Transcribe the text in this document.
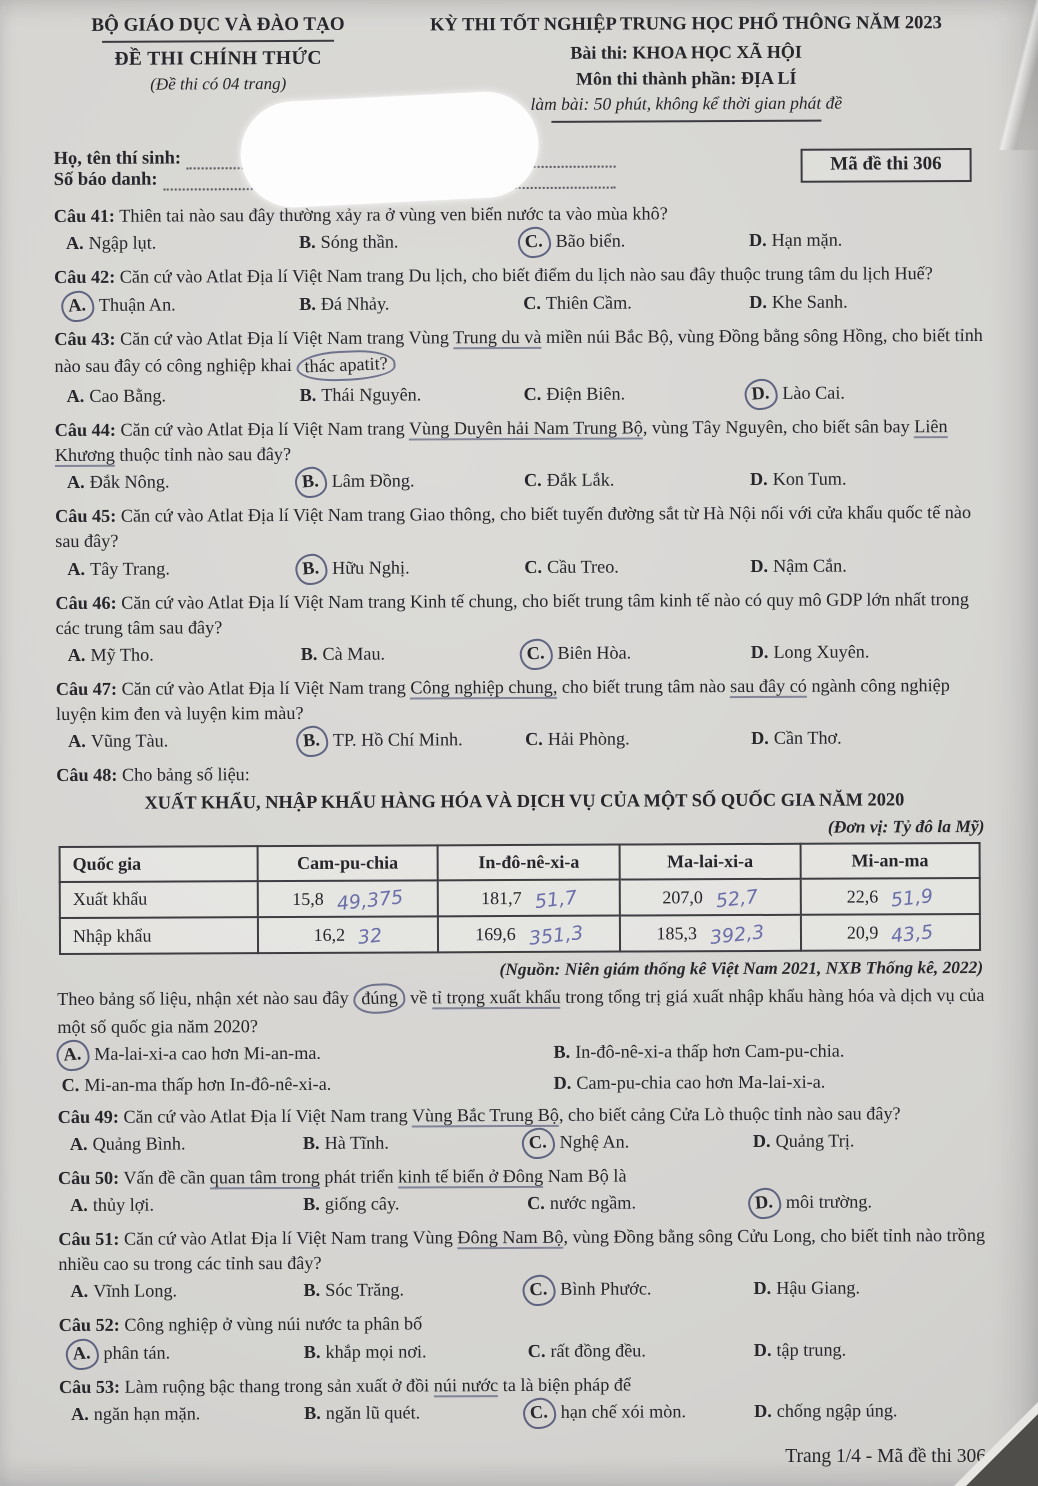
BỘ GIÁO DỤC VÀ ĐÀO TẠO
ĐỀ THI CHÍNH THỨC
(Đề thi có 04 trang)
KỲ THI TỐT NGHIỆP TRUNG HỌC PHỔ THÔNG NĂM 2023
Bài thi: KHOA HỌC XÃ HỘI
Môn thi thành phần: ĐỊA LÍ
làm bài: 50 phút, không kể thời gian phát đề
Mã đề thi 306
Họ, tên thí sinh:
Số báo danh:

Câu 41: Thiên tai nào sau đây thường xảy ra ở vùng ven biển nước ta vào mùa khô?

A. Ngập lụt.	B. Sóng thần.	C. Bão biển.	D. Hạn mặn.

Câu 42: Căn cứ vào Atlat Địa lí Việt Nam trang Du lịch, cho biết điểm du lịch nào sau đây thuộc trung tâm du lịch Huế?

A. Thuận An.	B. Đá Nhảy.	C. Thiên Cầm.	D. Khe Sanh.

Câu 43: Căn cứ vào Atlat Địa lí Việt Nam trang Vùng Trung du và miền núi Bắc Bộ, vùng Đồng bằng sông Hồng, cho biết tỉnh nào sau đây có công nghiệp khai thác apatit?

A. Cao Bằng.	B. Thái Nguyên.	C. Điện Biên.	D. Lào Cai.

Câu 44: Căn cứ vào Atlat Địa lí Việt Nam trang Vùng Duyên hải Nam Trung Bộ, vùng Tây Nguyên, cho biết sân bay Liên Khương thuộc tỉnh nào sau đây?

A. Đắk Nông.	B. Lâm Đồng.	C. Đắk Lắk.	D. Kon Tum.

Câu 45: Căn cứ vào Atlat Địa lí Việt Nam trang Giao thông, cho biết tuyến đường sắt từ Hà Nội nối với cửa khẩu quốc tế nào sau đây?

A. Tây Trang.	B. Hữu Nghị.	C. Cầu Treo.	D. Nậm Cắn.

Câu 46: Căn cứ vào Atlat Địa lí Việt Nam trang Kinh tế chung, cho biết trung tâm kinh tế nào có quy mô GDP lớn nhất trong các trung tâm sau đây?

A. Mỹ Tho.	B. Cà Mau.	C. Biên Hòa.	D. Long Xuyên.

Câu 47: Căn cứ vào Atlat Địa lí Việt Nam trang Công nghiệp chung, cho biết trung tâm nào sau đây có ngành công nghiệp luyện kim đen và luyện kim màu?

A. Vũng Tàu.	B. TP. Hồ Chí Minh.	C. Hải Phòng.	D. Cần Thơ.

Câu 48: Cho bảng số liệu:

XUẤT KHẨU, NHẬP KHẨU HÀNG HÓA VÀ DỊCH VỤ CỦA MỘT SỐ QUỐC GIA NĂM 2020
(Đơn vị: Tỷ đô la Mỹ)
Quốc gia	Cam-pu-chia	In-đô-nê-xi-a	Ma-lai-xi-a	Mi-an-ma
Xuất khẩu	15,8 49,375	181,7 51,7	207,0 52,7	22,6 51,9
Nhập khẩu	16,2 32	169,6 351,3	185,3 392,3	20,9 43,5
(Nguồn: Niên giám thống kê Việt Nam 2021, NXB Thống kê, 2022)

Theo bảng số liệu, nhận xét nào sau đây đúng về tỉ trọng xuất khẩu trong tổng trị giá xuất nhập khẩu hàng hóa và dịch vụ của một số quốc gia năm 2020?

A. Ma-lai-xi-a cao hơn Mi-an-ma.	B. In-đô-nê-xi-a thấp hơn Cam-pu-chia.
C. Mi-an-ma thấp hơn In-đô-nê-xi-a.	D. Cam-pu-chia cao hơn Ma-lai-xi-a.

Câu 49: Căn cứ vào Atlat Địa lí Việt Nam trang Vùng Bắc Trung Bộ, cho biết cảng Cửa Lò thuộc tỉnh nào sau đây?

A. Quảng Bình.	B. Hà Tĩnh.	C. Nghệ An.	D. Quảng Trị.

Câu 50: Vấn đề cần quan tâm trong phát triển kinh tế biển ở Đông Nam Bộ là

A. thủy lợi.	B. giống cây.	C. nước ngầm.	D. môi trường.

Câu 51: Căn cứ vào Atlat Địa lí Việt Nam trang Vùng Đông Nam Bộ, vùng Đồng bằng sông Cửu Long, cho biết tỉnh nào trồng nhiều cao su trong các tỉnh sau đây?

A. Vĩnh Long.	B. Sóc Trăng.	C. Bình Phước.	D. Hậu Giang.

Câu 52: Công nghiệp ở vùng núi nước ta phân bố

A. phân tán.	B. khắp mọi nơi.	C. rất đồng đều.	D. tập trung.

Câu 53: Làm ruộng bậc thang trong sản xuất ở đồi núi nước ta là biện pháp để

A. ngăn hạn mặn.	B. ngăn lũ quét.	C. hạn chế xói mòn.	D. chống ngập úng.
Trang 1/4 - Mã đề thi 306
